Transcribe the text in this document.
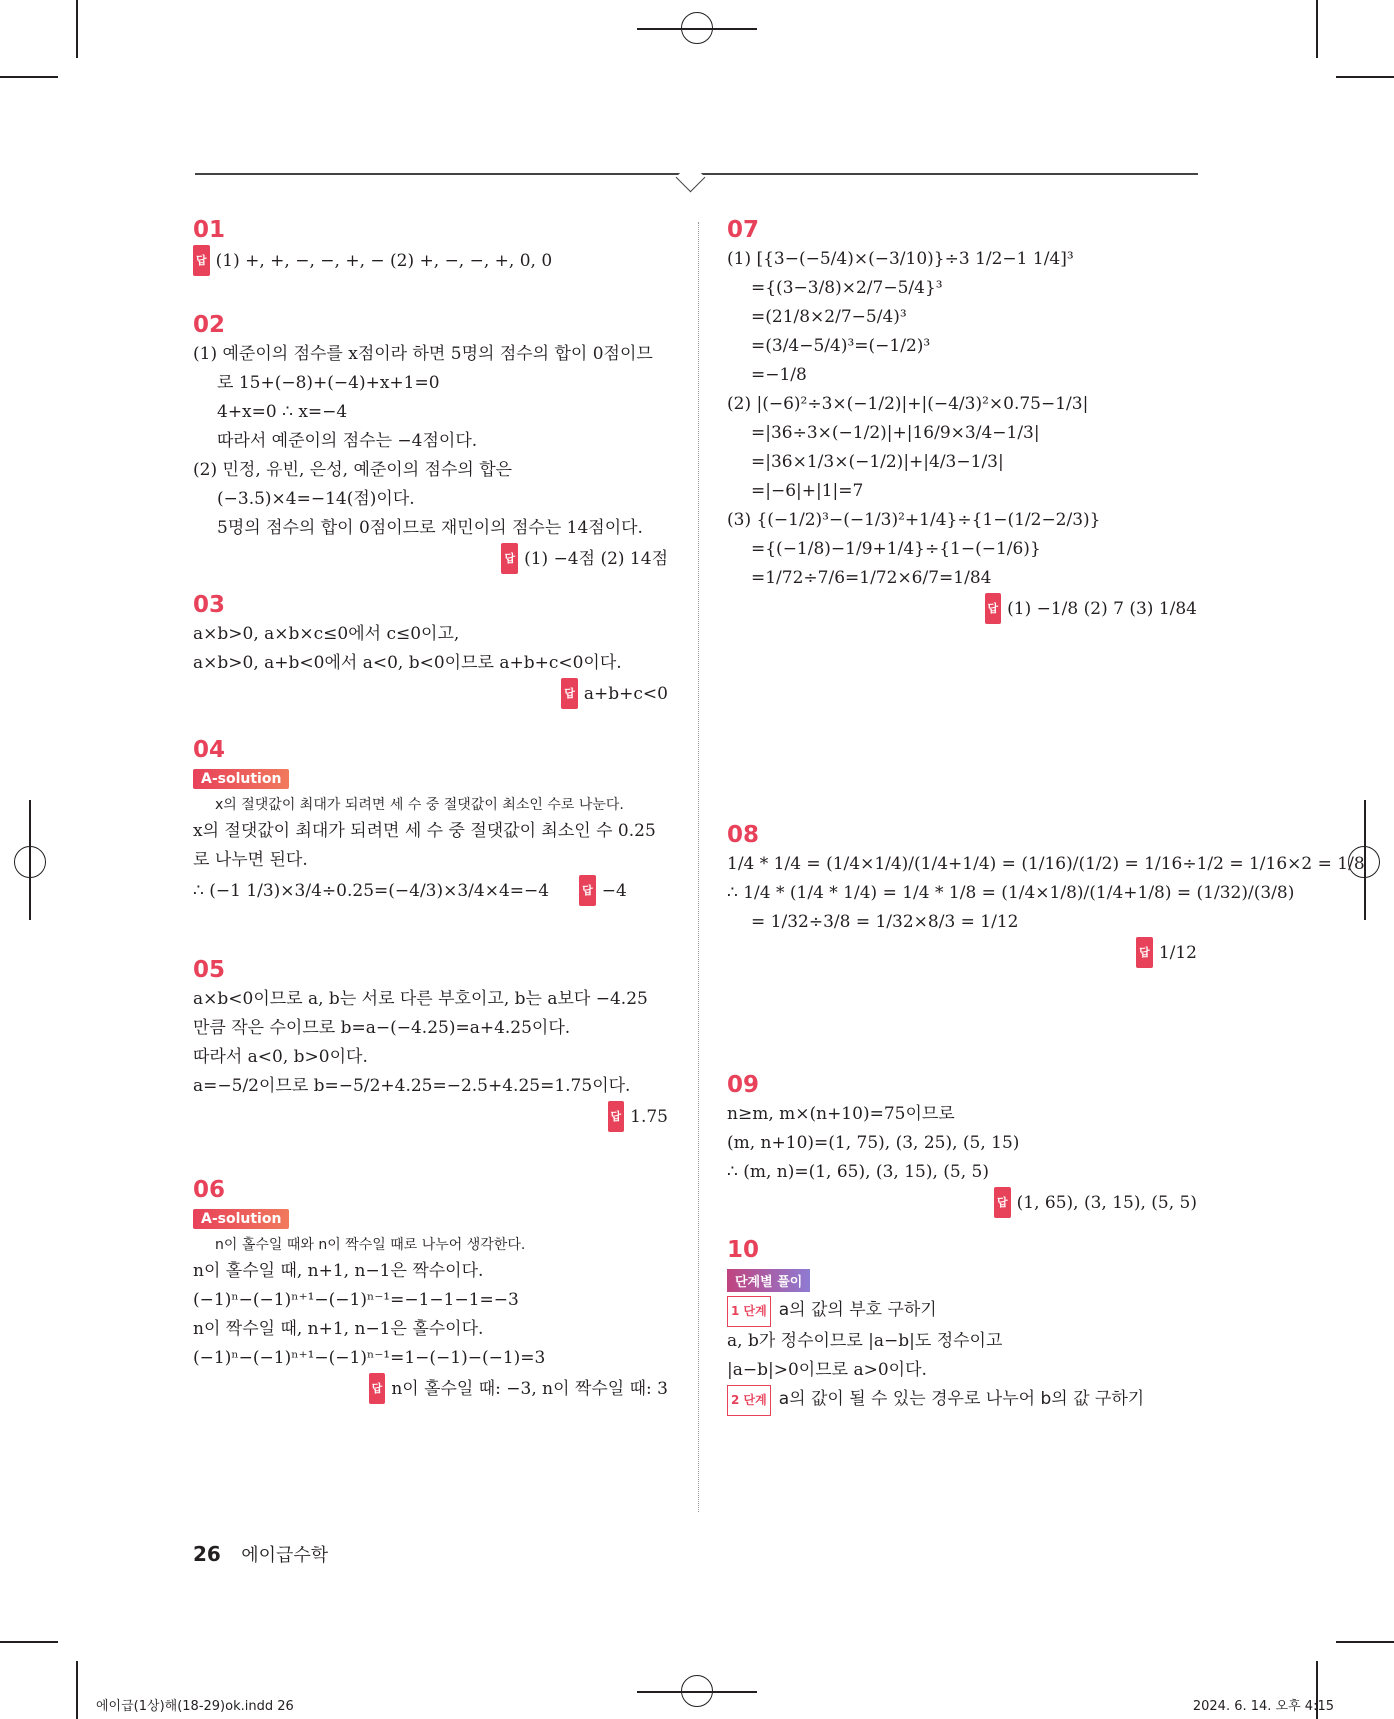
01
답 (1) +, +, −, −, +, − (2) +, −, −, +, 0, 0
02
(1) 예준이의 점수를 x점이라 하면 5명의 점수의 합이 0점이므
로 15+(−8)+(−4)+x+1=0
4+x=0 ∴ x=−4
따라서 예준이의 점수는 −4점이다.
(2) 민정, 유빈, 은성, 예준이의 점수의 합은
(−3.5)×4=−14(점)이다.
5명의 점수의 합이 0점이므로 재민이의 점수는 14점이다.
답 (1) −4점 (2) 14점
03
a×b>0, a×b×c≤0에서 c≤0이고,
a×b>0, a+b<0에서 a<0, b<0이므로 a+b+c<0이다.
답 a+b+c<0
04
A-solution
x의 절댓값이 최대가 되려면 세 수 중 절댓값이 최소인 수로 나눈다.
x의 절댓값이 최대가 되려면 세 수 중 절댓값이 최소인 수 0.25
로 나누면 된다.
∴ (−1 1/3)×3/4÷0.25=(−4/3)×3/4×4=−4	답 −4
05
a×b<0이므로 a, b는 서로 다른 부호이고, b는 a보다 −4.25
만큼 작은 수이므로 b=a−(−4.25)=a+4.25이다.
따라서 a<0, b>0이다.
a=−5/2이므로 b=−5/2+4.25=−2.5+4.25=1.75이다.
답 1.75
06
A-solution
n이 홀수일 때와 n이 짝수일 때로 나누어 생각한다.
n이 홀수일 때, n+1, n−1은 짝수이다.
(−1)ⁿ−(−1)ⁿ⁺¹−(−1)ⁿ⁻¹=−1−1−1=−3
n이 짝수일 때, n+1, n−1은 홀수이다.
(−1)ⁿ−(−1)ⁿ⁺¹−(−1)ⁿ⁻¹=1−(−1)−(−1)=3
답 n이 홀수일 때: −3, n이 짝수일 때: 3
07
(1) [{3−(−5/4)×(−3/10)}÷3 1/2−1 1/4]³
={(3−3/8)×2/7−5/4}³
=(21/8×2/7−5/4)³
=(3/4−5/4)³=(−1/2)³
=−1/8
(2) |(−6)²÷3×(−1/2)|+|(−4/3)²×0.75−1/3|
=|36÷3×(−1/2)|+|16/9×3/4−1/3|
=|36×1/3×(−1/2)|+|4/3−1/3|
=|−6|+|1|=7
(3) {(−1/2)³−(−1/3)²+1/4}÷{1−(1/2−2/3)}
={(−1/8)−1/9+1/4}÷{1−(−1/6)}
=1/72÷7/6=1/72×6/7=1/84
답 (1) −1/8 (2) 7 (3) 1/84
08
1/4 * 1/4 = (1/4×1/4)/(1/4+1/4) = (1/16)/(1/2) = 1/16÷1/2 = 1/16×2 = 1/8
∴ 1/4 * (1/4 * 1/4) = 1/4 * 1/8 = (1/4×1/8)/(1/4+1/8) = (1/32)/(3/8)
= 1/32÷3/8 = 1/32×8/3 = 1/12
답 1/12
09
n≥m, m×(n+10)=75이므로
(m, n+10)=(1, 75), (3, 25), (5, 15)
∴ (m, n)=(1, 65), (3, 15), (5, 5)
답 (1, 65), (3, 15), (5, 5)
10
단계별 풀이
1 단계 a의 값의 부호 구하기
a, b가 정수이므로 |a−b|도 정수이고
|a−b|>0이므로 a>0이다.
2 단계 a의 값이 될 수 있는 경우로 나누어 b의 값 구하기
26 에이급수학
에이급(1상)해(18-29)ok.indd 26	2024. 6. 14. 오후 4:15
